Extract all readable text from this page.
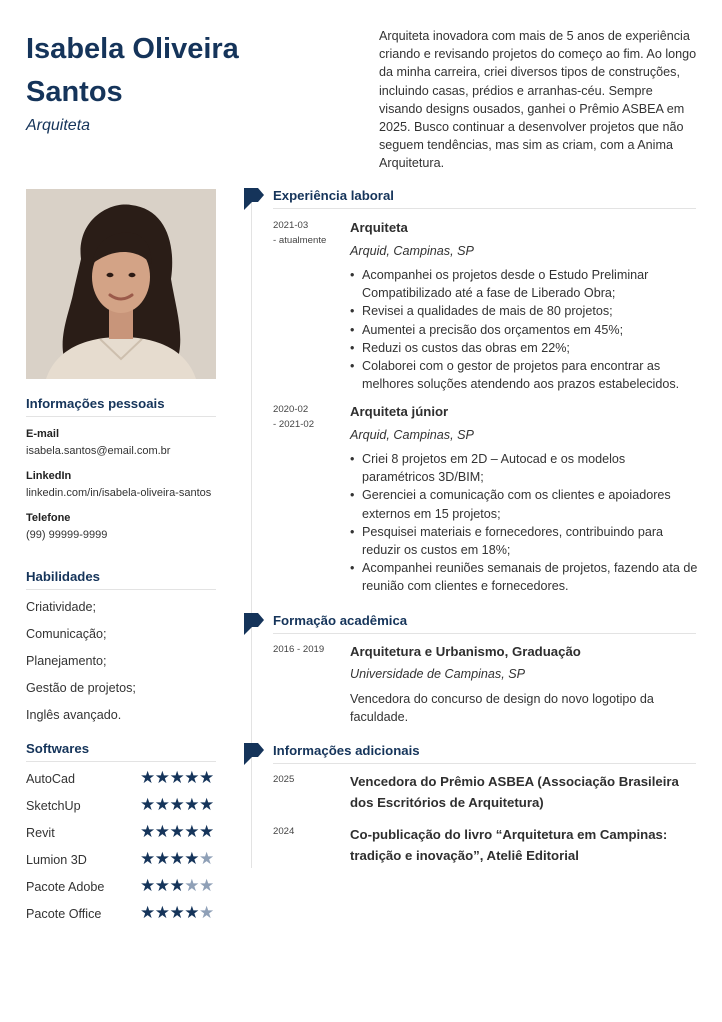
Isabela Oliveira Santos
Arquiteta
Arquiteta inovadora com mais de 5 anos de experiência criando e revisando projetos do começo ao fim. Ao longo da minha carreira, criei diversos tipos de construções, incluindo casas, prédios e arranhas-céu. Sempre visando designs ousados, ganhei o Prêmio ASBEA em 2025. Busco continuar a desenvolver projetos que não seguem tendências, mas sim as criam, com a Anima Arquitetura.
Informações pessoais
E-mail
isabela.santos@email.com.br
LinkedIn
linkedin.com/in/isabela-oliveira-santos
Telefone
(99) 99999-9999
Habilidades
Criatividade;
Comunicação;
Planejamento;
Gestão de projetos;
Inglês avançado.
Softwares
AutoCad	★★★★★
SketchUp	★★★★★
Revit	★★★★★
Lumion 3D	★★★★★
Pacote Adobe ★★★★★
Pacote Office ★★★★★
Experiência laboral
2021-03
- atualmente
Arquiteta
Arquid, Campinas, SP
• Acompanhei os projetos desde o Estudo Preliminar Compatibilizado até a fase de Liberado Obra;
• Revisei a qualidades de mais de 80 projetos;
• Aumentei a precisão dos orçamentos em 45%;
• Reduzi os custos das obras em 22%;
• Colaborei com o gestor de projetos para encontrar as melhores soluções atendendo aos prazos estabelecidos.
2020-02
- 2021-02
Arquiteta júnior
Arquid, Campinas, SP
• Criei 8 projetos em 2D – Autocad e os modelos paramétricos 3D/BIM;
• Gerenciei a comunicação com os clientes e apoiadores externos em 15 projetos;
• Pesquisei materiais e fornecedores, contribuindo para reduzir os custos em 18%;
• Acompanhei reuniões semanais de projetos, fazendo ata de reunião com clientes e fornecedores.
Formação acadêmica
2016 - 2019 Arquitetura e Urbanismo, Graduação
Universidade de Campinas, SP
Vencedora do concurso de design do novo logotipo da faculdade.
Informações adicionais
2025	Vencedora do Prêmio ASBEA (Associação Brasileira dos Escritórios de Arquitetura)
2024	Co-publicação do livro “Arquitetura em Campinas: tradição e inovação”, Ateliê Editorial
